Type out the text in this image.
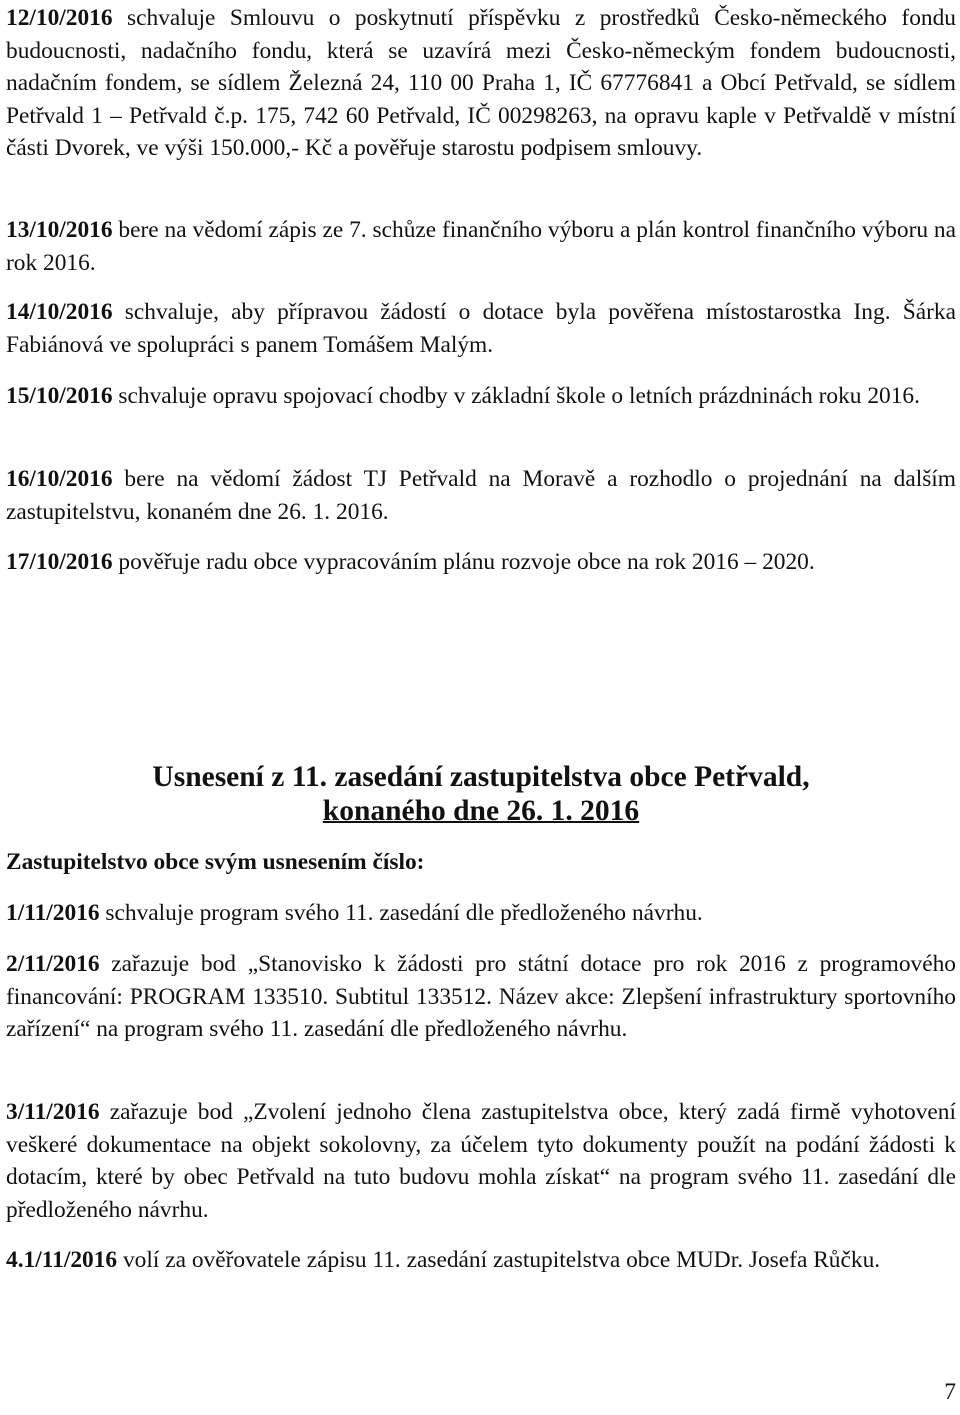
12/10/2016 schvaluje Smlouvu o poskytnutí příspěvku z prostředků Česko-německého fondu budoucnosti, nadačního fondu, která se uzavírá mezi Česko-německým fondem budoucnosti, nadačním fondem, se sídlem Železná 24, 110 00 Praha 1, IČ 67776841 a Obcí Petřvald, se sídlem Petřvald 1 – Petřvald č.p. 175, 742 60 Petřvald, IČ 00298263, na opravu kaple v Petřvaldě v místní části Dvorek, ve výši 150.000,- Kč a pověřuje starostu podpisem smlouvy.

13/10/2016 bere na vědomí zápis ze 7. schůze finančního výboru a plán kontrol finančního výboru na rok 2016.

14/10/2016 schvaluje, aby přípravou žádostí o dotace byla pověřena místostarostka Ing. Šárka Fabiánová ve spolupráci s panem Tomášem Malým.

15/10/2016 schvaluje opravu spojovací chodby v základní škole o letních prázdninách roku 2016.

16/10/2016 bere na vědomí žádost TJ Petřvald na Moravě a rozhodlo o projednání na dalším zastupitelstvu, konaném dne 26. 1. 2016.

17/10/2016 pověřuje radu obce vypracováním plánu rozvoje obce na rok 2016 – 2020.

Usnesení z 11. zasedání zastupitelstva obce Petřvald,

konaného dne 26. 1. 2016

Zastupitelstvo obce svým usnesením číslo:

1/11/2016 schvaluje program svého 11. zasedání dle předloženého návrhu.

2/11/2016 zařazuje bod „Stanovisko k žádosti pro státní dotace pro rok 2016 z programového financování: PROGRAM 133510. Subtitul 133512. Název akce: Zlepšení infrastruktury sportovního zařízení“ na program svého 11. zasedání dle předloženého návrhu.

3/11/2016 zařazuje bod „Zvolení jednoho člena zastupitelstva obce, který zadá firmě vyhotovení veškeré dokumentace na objekt sokolovny, za účelem tyto dokumenty použít na podání žádosti k dotacím, které by obec Petřvald na tuto budovu mohla získat“ na program svého 11. zasedání dle předloženého návrhu.

4.1/11/2016 volí za ověřovatele zápisu 11. zasedání zastupitelstva obce MUDr. Josefa Růčku.

7
